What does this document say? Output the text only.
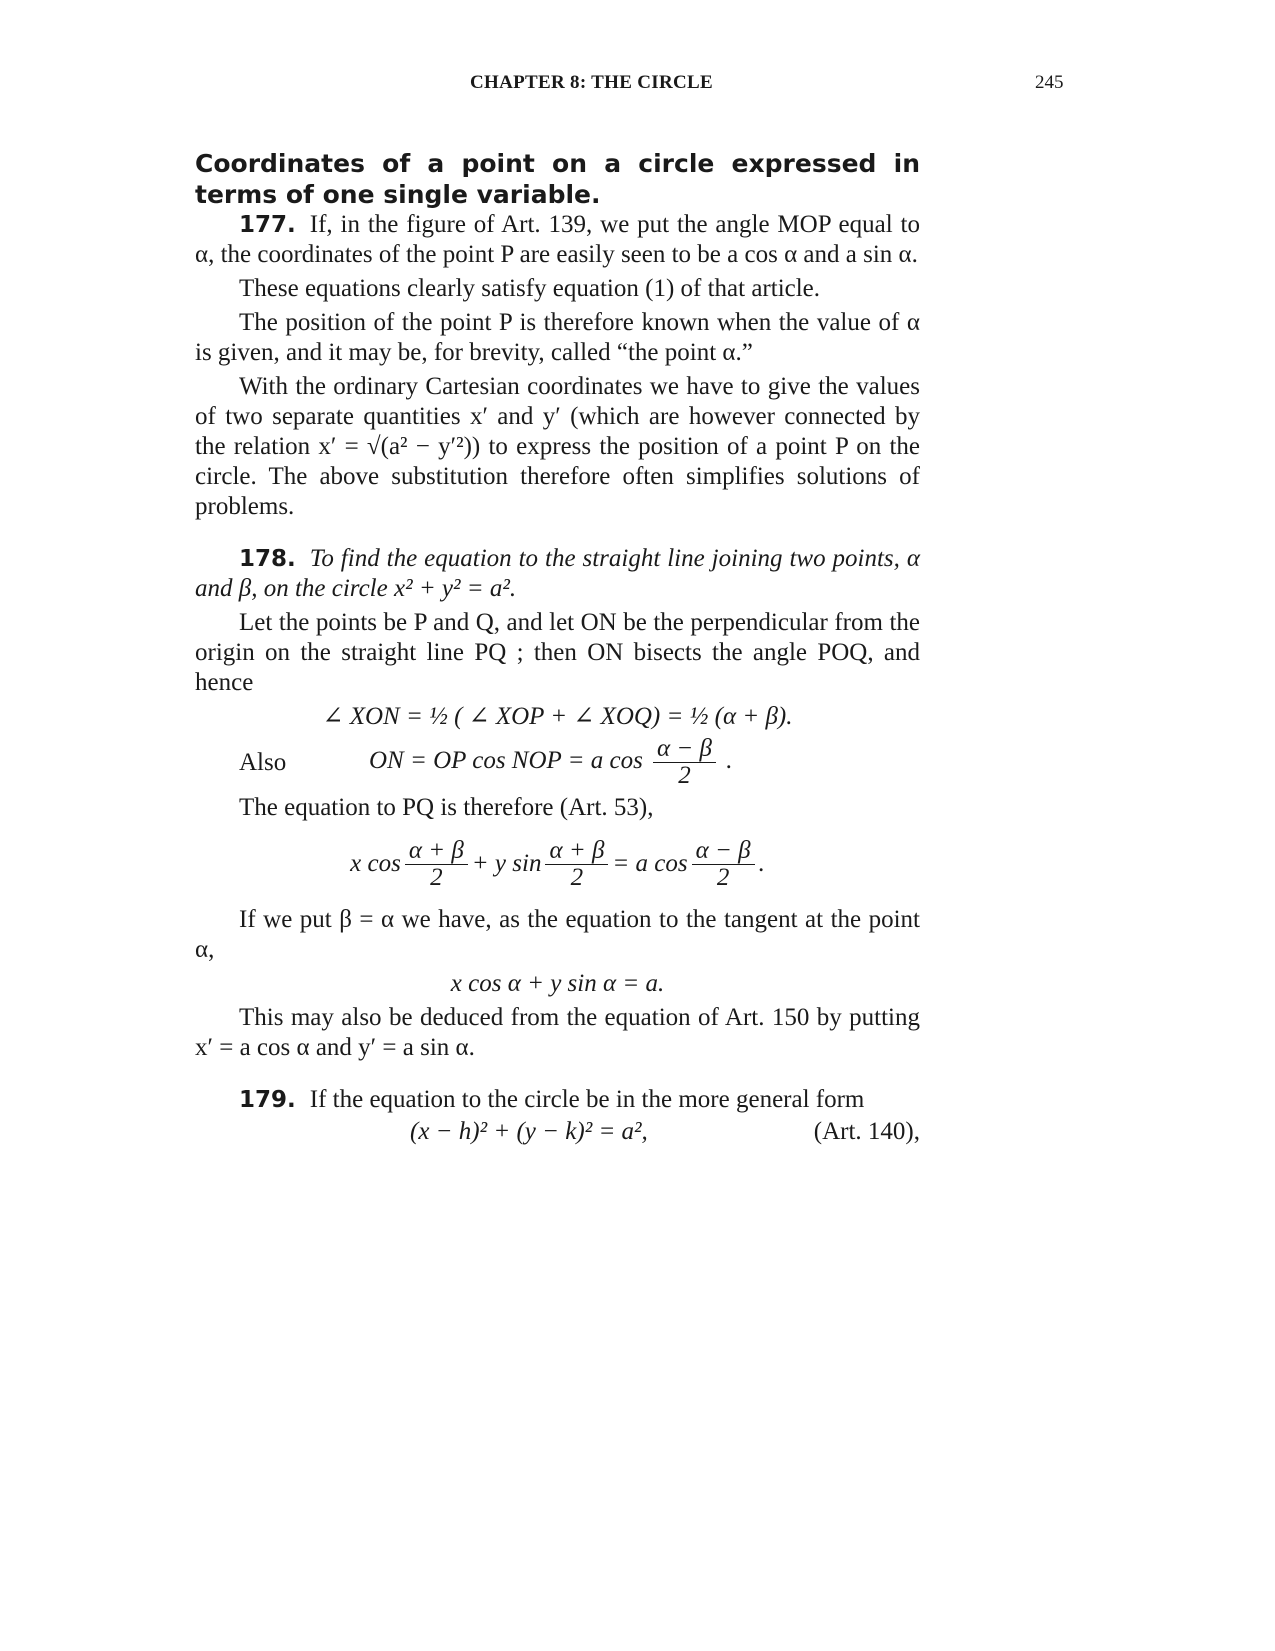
CHAPTER 8: THE CIRCLE	245

Coordinates of a point on a circle expressed in terms of one single variable.

177. If, in the figure of Art. 139, we put the angle MOP equal to α, the coordinates of the point P are easily seen to be a cos α and a sin α.

These equations clearly satisfy equation (1) of that article.

The position of the point P is therefore known when the value of α is given, and it may be, for brevity, called “the point α.”

With the ordinary Cartesian coordinates we have to give the values of two separate quantities x′ and y′ (which are however connected by the relation x′ = √(a² − y′²)) to express the position of a point P on the circle. The above substitution therefore often simplifies solutions of problems.

178. To find the equation to the straight line joining two points, α and β, on the circle x² + y² = a².

Let the points be P and Q, and let ON be the perpendicular from the origin on the straight line PQ ; then ON bisects the angle POQ, and hence

∠ XON = ½ ( ∠ XOP + ∠ XOQ) = ½ (α + β).
Also	ON = OP cos NOP = a $\cos \frac{\alpha - \beta}{2}$ .

The equation to PQ is therefore (Art. 53),

x $\cos \frac{\alpha + \beta}{2} + y$ $\sin \frac{\alpha + \beta}{2} = a$ $\cos \frac{\alpha - \beta}{2}$ .

If we put β = α we have, as the equation to the tangent at the point α,

x cos α + y sin α = a.

This may also be deduced from the equation of Art. 150 by putting x′ = a cos α and y′ = a sin α.

179. If the equation to the circle be in the more general form

(x − h)² + (y − k)² = a²,	(Art. 140),
